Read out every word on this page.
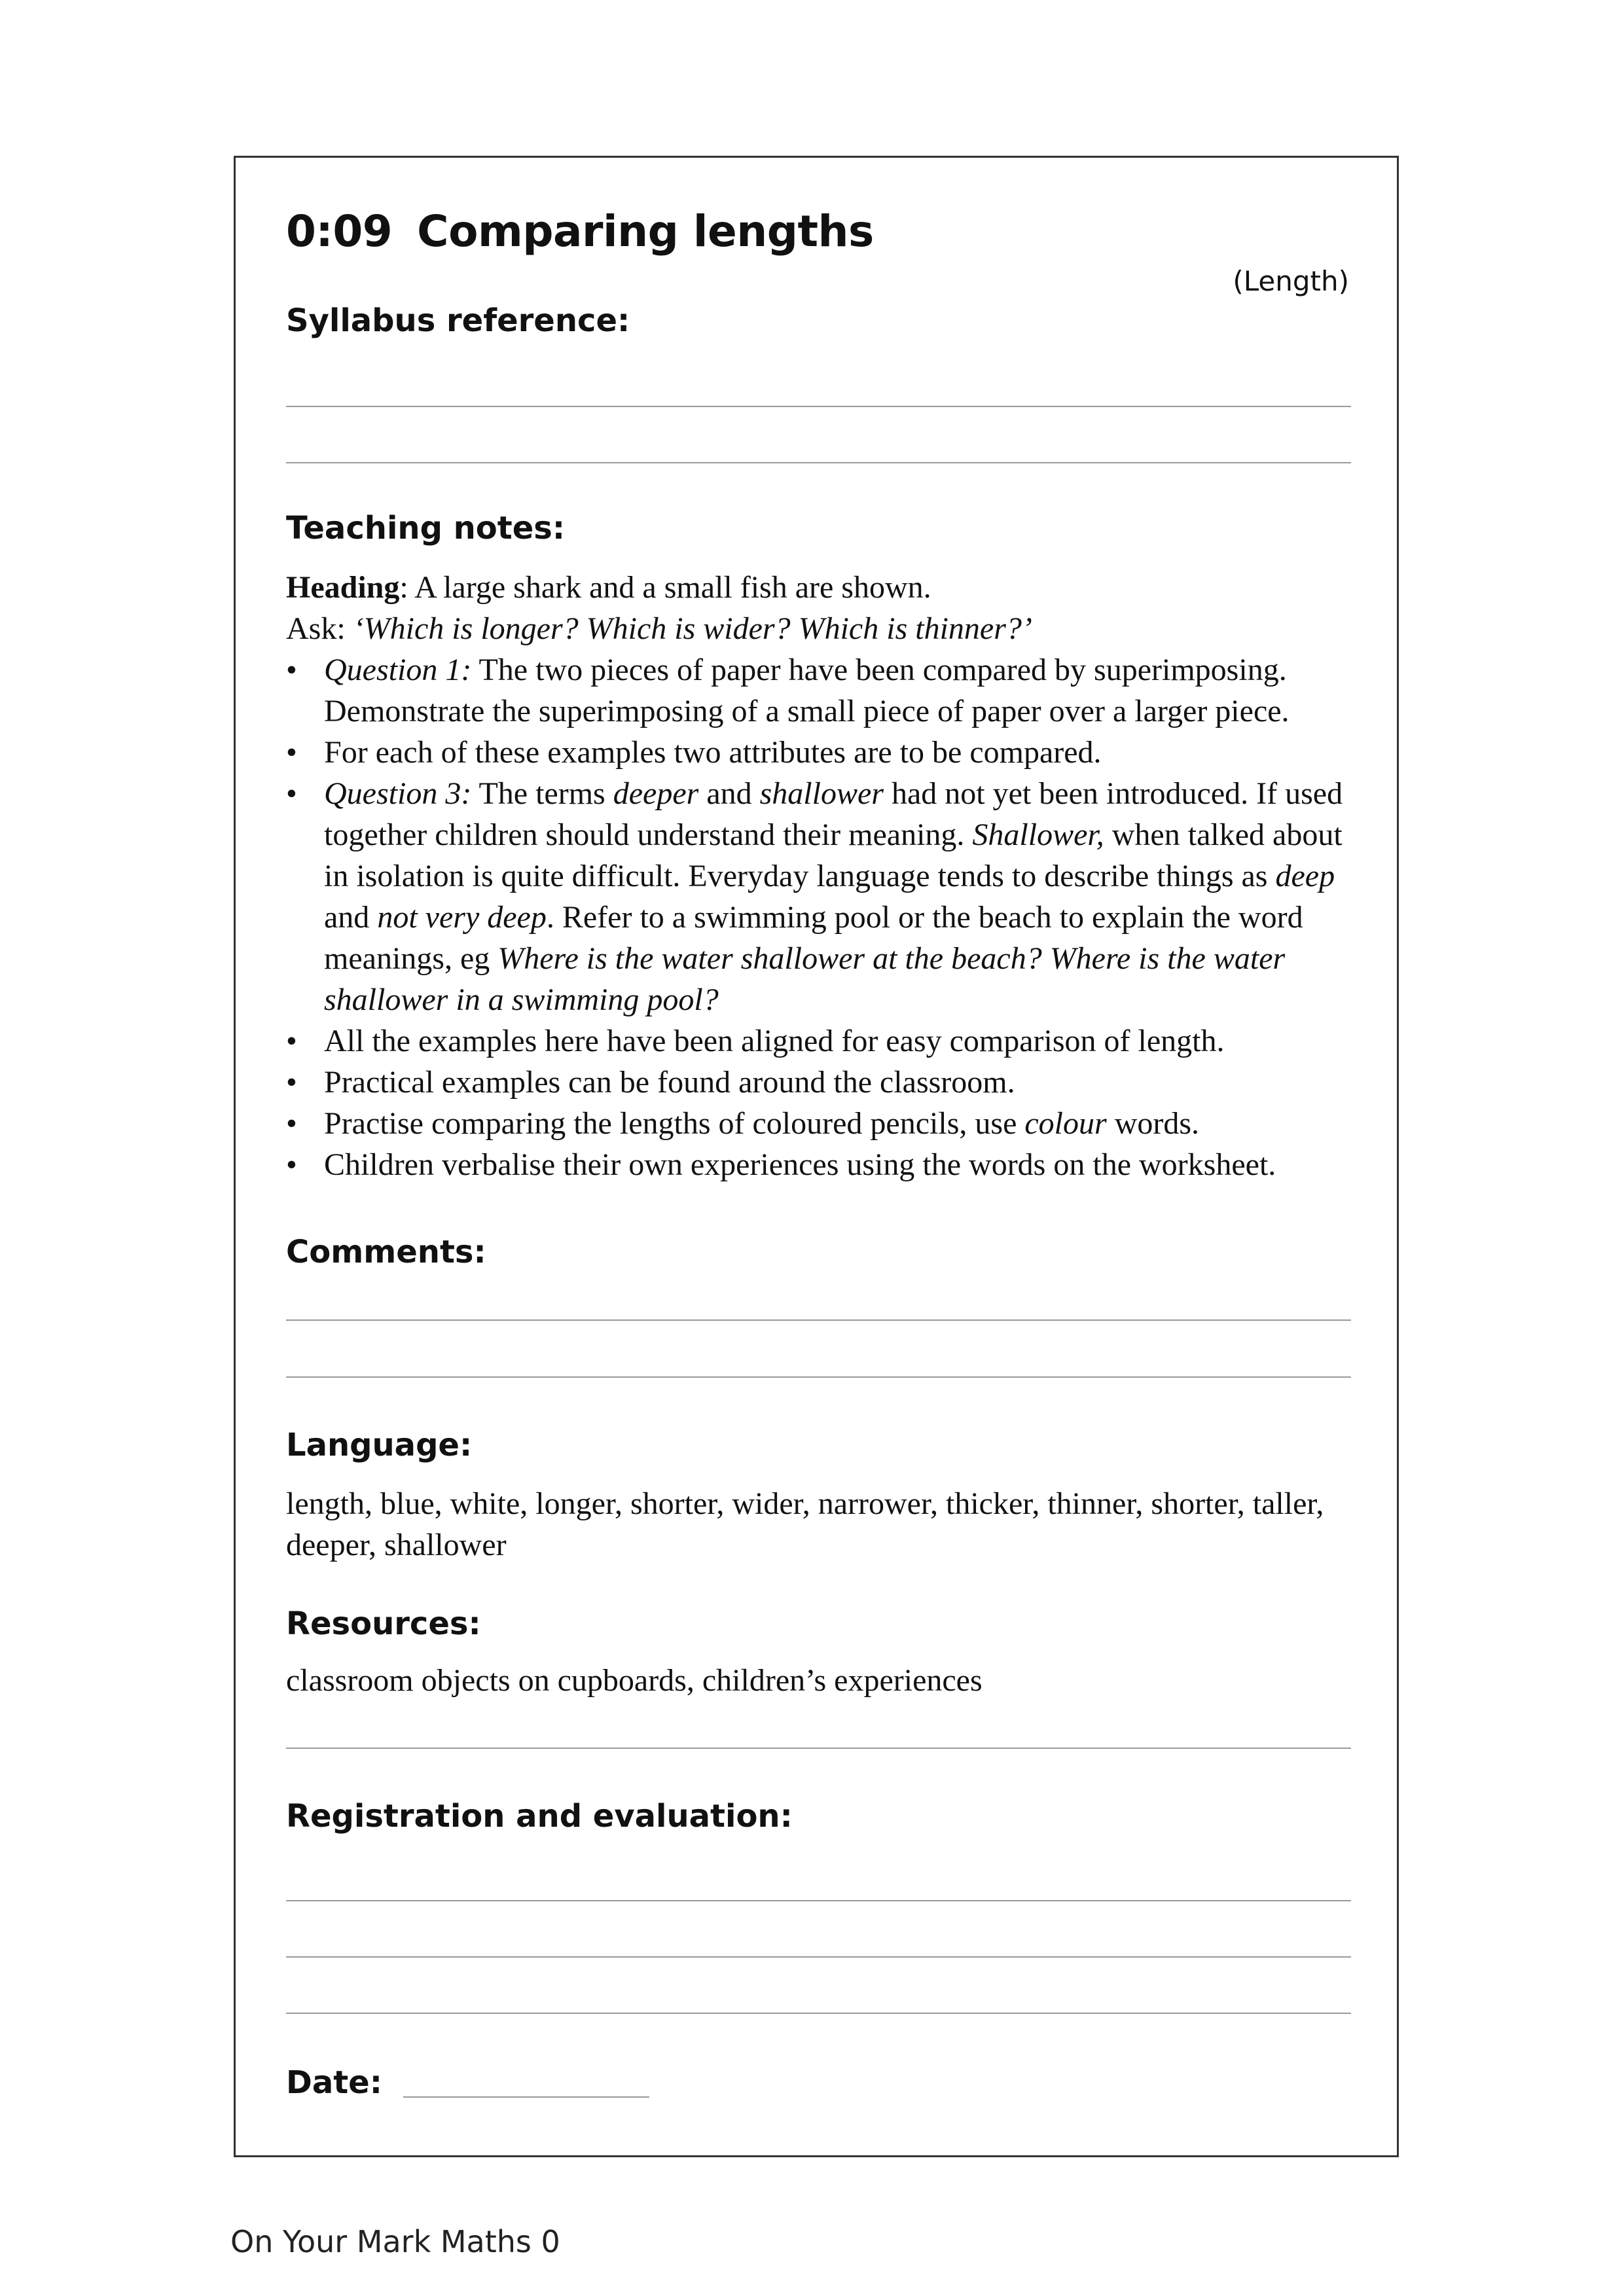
0:09 Comparing lengths
(Length)
Syllabus reference:
Teaching notes:

Heading: A large shark and a small fish are shown.

Ask: ‘Which is longer? Which is wider? Which is thinner?’

• Question 1: The two pieces of paper have been compared by superimposing. Demonstrate the superimposing of a small piece of paper over a larger piece.
• For each of these examples two attributes are to be compared.
• Question 3: The terms deeper and shallower had not yet been introduced. If used together children should understand their meaning. Shallower, when talked about in isolation is quite difficult. Everyday language tends to describe things as deep and not very deep. Refer to a swimming pool or the beach to explain the word meanings, eg Where is the water shallower at the beach? Where is the water shallower in a swimming pool?
• All the examples here have been aligned for easy comparison of length.
• Practical examples can be found around the classroom.
• Practise comparing the lengths of coloured pencils, use colour words.
• Children verbalise their own experiences using the words on the worksheet.
Comments:
Language:

length, blue, white, longer, shorter, wider, narrower, thicker, thinner, shorter, taller, deeper, shallower

Resources:

classroom objects on cupboards, children’s experiences

Registration and evaluation:
Date:
On Your Mark Maths 0
